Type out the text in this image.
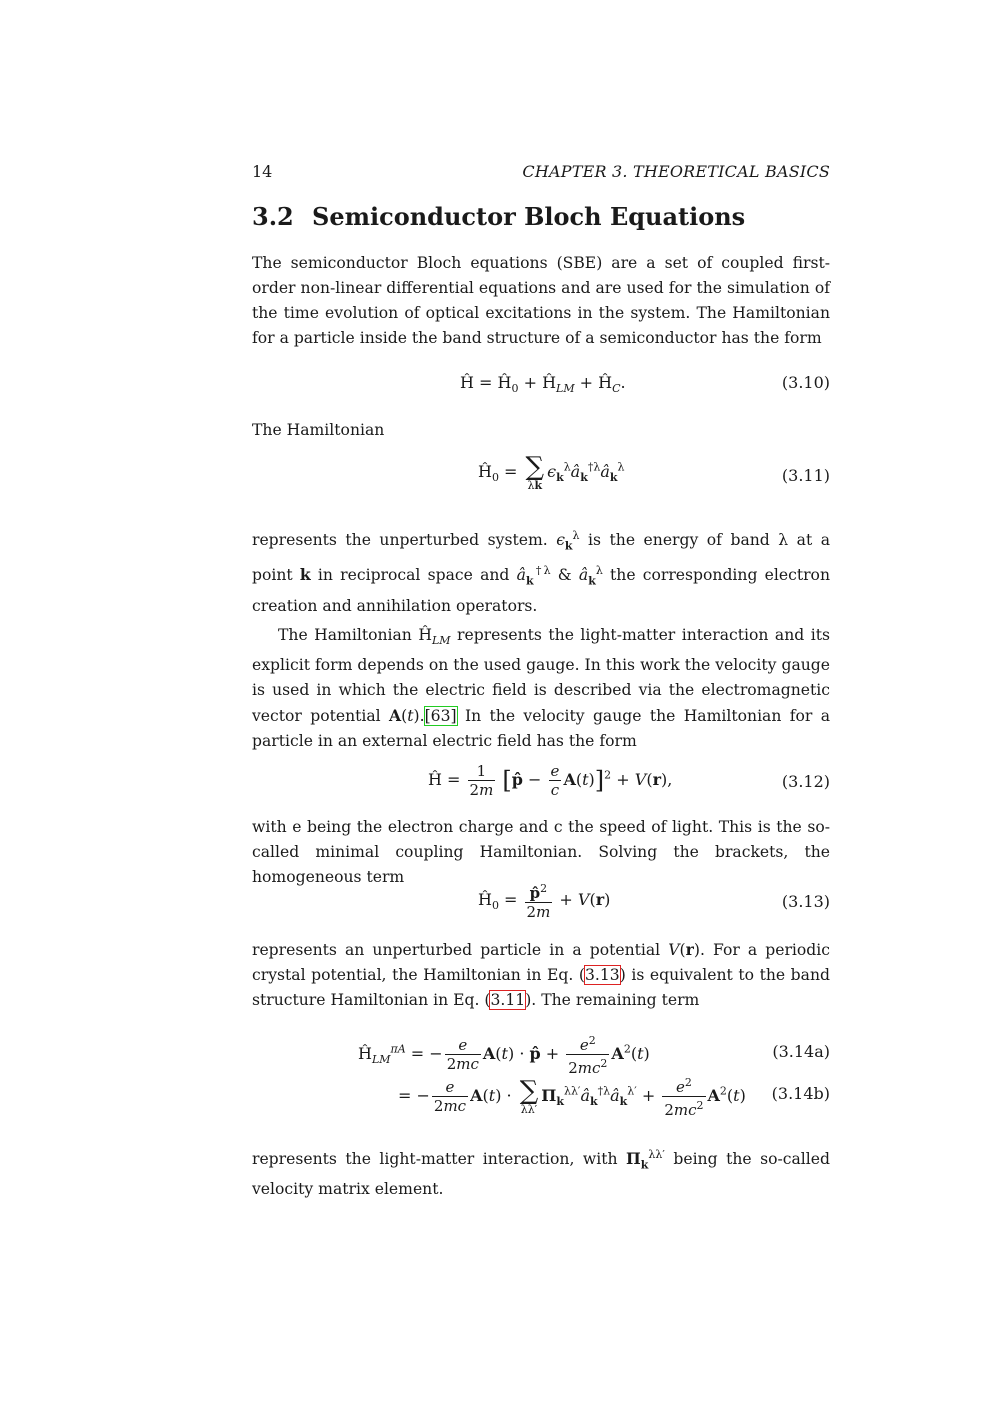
14	CHAPTER 3. THEORETICAL BASICS
3.2 Semiconductor Bloch Equations
The semiconductor Bloch equations (SBE) are a set of coupled first-order non-linear differential equations and are used for the simulation of the time evolution of optical excitations in the system. The Hamiltonian for a particle inside the band structure of a semiconductor has the form
Ĥ = $Ĥ_0$ + $Ĥ_{LM}$ + $Ĥ_C$.	(3.10)
The Hamiltonian
$Ĥ_0$ = ∑
λk
$\epsilon_k^\lambda â_k^{\dagger\lambda}â_k^\lambda$	(3.11)
represents the unperturbed system. $\epsilon_k^\lambda$ is the energy of band λ at a point k in reciprocal space and $â_k^{\dagger\lambda}$ & $â_k^\lambda$ the corresponding electron creation and annihilation operators.
The Hamiltonian $Ĥ_{LM}$ represents the light-matter interaction and its explicit form depends on the used gauge. In this work the velocity gauge is used in which the electric field is described via the electromagnetic vector potential A(t).[63] In the velocity gauge the Hamiltonian for a particle in an external electric field has the form
Ĥ = $\frac{1}{2m}$ [p̂ − $\frac{e}{c} A(t)]^2 + V(r)$,	(3.12)
with e being the electron charge and c the speed of light. This is the so-called minimal coupling Hamiltonian. Solving the brackets, the homogeneous term
$Ĥ_0 = \frac{p̂^2}{2m} + V(r)$	(3.13)
represents an unperturbed particle in a potential V(r). For a periodic crystal potential, the Hamiltonian in Eq. (3.13) is equivalent to the band structure Hamiltonian in Eq. (3.11). The remaining term
$Ĥ_{LM}^{\pi A}$ = − $\frac{e}{2mc} A(t)$ · p̂ + $\frac{e^2}{2mc^2} A^2(t)$	(3.14a)
= − $\frac{e}{2mc} A(t)$ · ∑
λλ′
$\Pi_k^{\lambda\lambda'}â_k^{\dagger\lambda}â_k^{\lambda'} + \frac{e^2}{2mc^2} A^2(t)$ (3.14b)
represents the light-matter interaction, with $\Pi_k^{\lambda\lambda'}$ being the so-called velocity matrix element.
